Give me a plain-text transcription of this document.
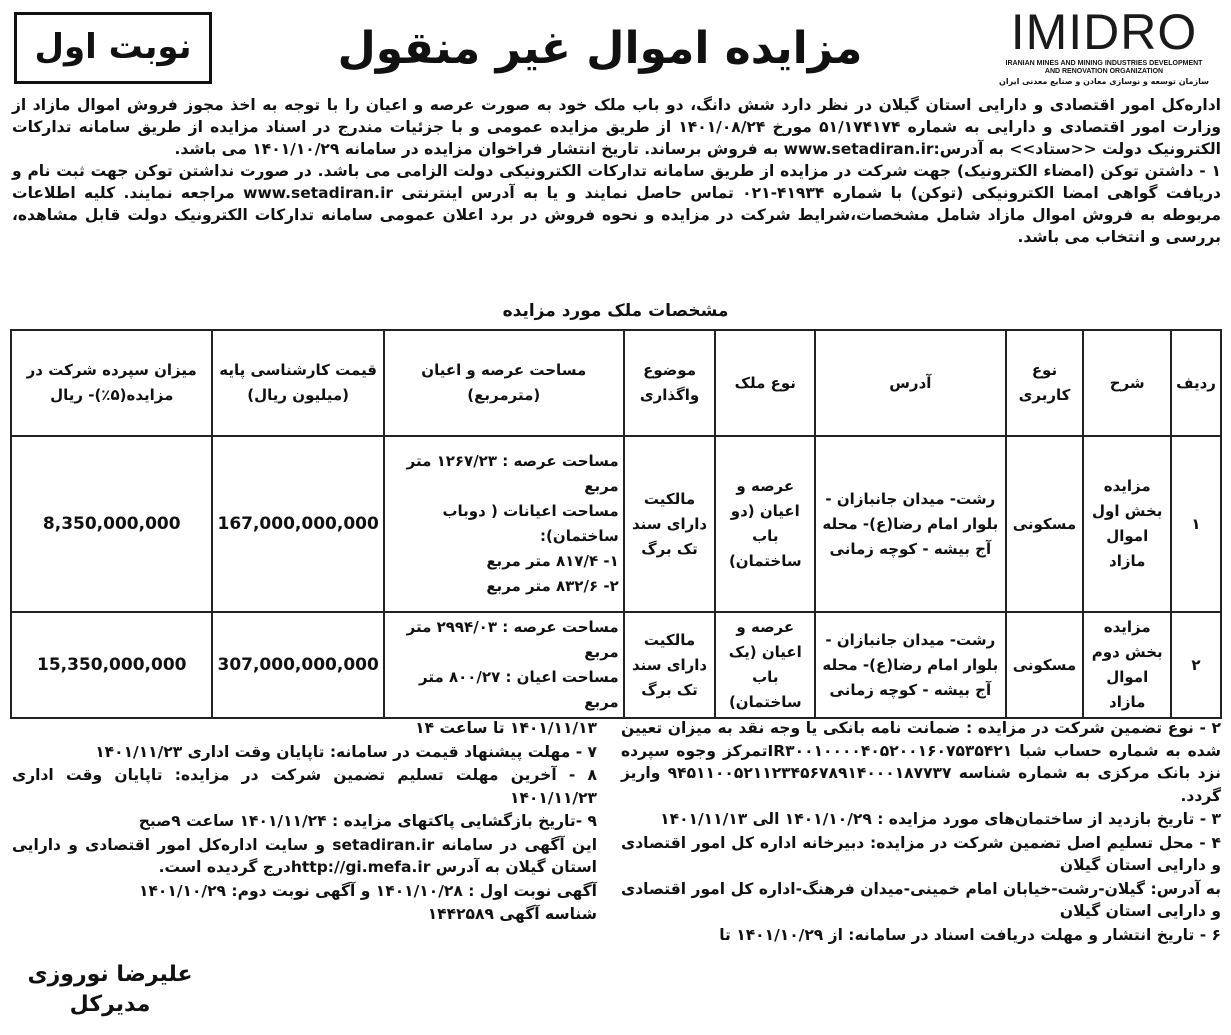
IMIDRO
IRANIAN MINES AND MINING INDUSTRIES DEVELOPMENT
AND RENOVATION ORGANIZATION
سازمان توسعه و نوسازی معادن و صنایع معدنی ایران
مزایده اموال غیر منقول
نوبت اول

اداره‌کل امور اقتصادی و دارایی استان گیلان در نظر دارد شش دانگ، دو باب ملک خود به صورت عرصه و اعیان را با توجه به اخذ مجوز فروش اموال مازاد از وزارت امور اقتصادی و دارایی به شماره ۵۱/۱۷۴۱۷۴ مورخ ۱۴۰۱/۰۸/۲۴ از طریق مزایده عمومی و با جزئیات مندرج در اسناد مزایده از طریق سامانه تدارکات الکترونیک دولت <<ستاد>> به آدرس:www.setadiran.ir به فروش برساند. تاریخ انتشار فراخوان مزایده در سامانه ۱۴۰۱/۱۰/۲۹ می باشد.

۱ - داشتن توکن (امضاء الکترونیک) جهت شرکت در مزایده از طریق سامانه تدارکات الکترونیکی دولت الزامی می باشد. در صورت نداشتن توکن جهت ثبت نام و دریافت گواهی امضا الکترونیکی (توکن) با شماره ۴۱۹۳۴-۰۲۱ تماس حاصل نمایند و یا به آدرس اینترنتی www.setadiran.ir مراجعه نمایند. کلیه اطلاعات مربوطه به فروش اموال مازاد شامل مشخصات،شرایط شرکت در مزایده و نحوه فروش در برد اعلان عمومی سامانه تدارکات الکترونیک دولت قابل مشاهده، بررسی و انتخاب می باشد.

مشخصات ملک مورد مزایده
ردیف	شرح	نوع کاربری	آدرس	نوع ملک	موضوع واگذاری	مساحت عرصه و اعیان (مترمربع)	قیمت کارشناسی پایه (میلیون ریال)	میزان سپرده شرکت در مزایده(۵٪)- ریال
۱	مزایده بخش اول اموال مازاد	مسکونی	رشت- میدان جانبازان - بلوار امام رضا(ع)- محله آج بیشه - کوچه زمانی	عرصه و اعیان (دو باب ساختمان)	مالکیت دارای سند تک برگ	مساحت عرصه : ۱۲۶۷/۲۳ متر مربع
مساحت اعیانات ( دوباب ساختمان):
۱- ۸۱۷/۴ متر مربع
۲- ۸۳۲/۶ متر مربع	167,000,000,000	8,350,000,000
۲	مزایده بخش دوم اموال مازاد	مسکونی	رشت- میدان جانبازان - بلوار امام رضا(ع)- محله آج بیشه - کوچه زمانی	عرصه و اعیان (یک باب ساختمان)	مالکیت دارای سند تک برگ	مساحت عرصه : ۲۹۹۴/۰۳ متر مربع
مساحت اعیان : ۸۰۰/۲۷ متر مربع	307,000,000,000	15,350,000,000

۲ - نوع تضمین شرکت در مزایده : ضمانت نامه بانکی یا وجه نقد به میزان تعیین شده به شماره حساب شبا IR۳۰۰۱۰۰۰۰۴۰۵۲۰۰۱۶۰۷۵۳۵۴۲۱تمرکز وجوه سپرده نزد بانک مرکزی به شماره شناسه ۹۴۵۱۱۰۰۵۲۱۱۲۳۴۵۶۷۸۹۱۴۰۰۰۱۸۷۷۳۷ واریز گردد.

۳ - تاریخ بازدید از ساختمان‌های مورد مزایده : ۱۴۰۱/۱۰/۲۹ الی ۱۴۰۱/۱۱/۱۳

۴ - محل تسلیم اصل تضمین شرکت در مزایده: دبیرخانه اداره کل امور اقتصادی و دارایی استان گیلان

به آدرس: گیلان-رشت-خیابان امام خمینی-میدان فرهنگ-اداره کل امور اقتصادی و دارایی استان گیلان

۶ - تاریخ انتشار و مهلت دریافت اسناد در سامانه: از ۱۴۰۱/۱۰/۲۹ تا

۱۴۰۱/۱۱/۱۳ تا ساعت ۱۴

۷ - مهلت پیشنهاد قیمت در سامانه: تاپایان وقت اداری ۱۴۰۱/۱۱/۲۳

۸ - آخرین مهلت تسلیم تضمین شرکت در مزایده: تاپایان وقت اداری ۱۴۰۱/۱۱/۲۳

۹ -تاریخ بازگشایی پاکتهای مزایده : ۱۴۰۱/۱۱/۲۴ ساعت ۹صبح

این آگهی در سامانه setadiran.ir و سایت اداره‌کل امور اقتصادی و دارایی استان گیلان به آدرس http://gi.mefa.irدرج گردیده است.

آگهی نوبت اول : ۱۴۰۱/۱۰/۲۸ و آگهی نوبت دوم: ۱۴۰۱/۱۰/۲۹

شناسه آگهی ۱۴۴۲۵۸۹

علیرضا نوروزی
مدیرکل
